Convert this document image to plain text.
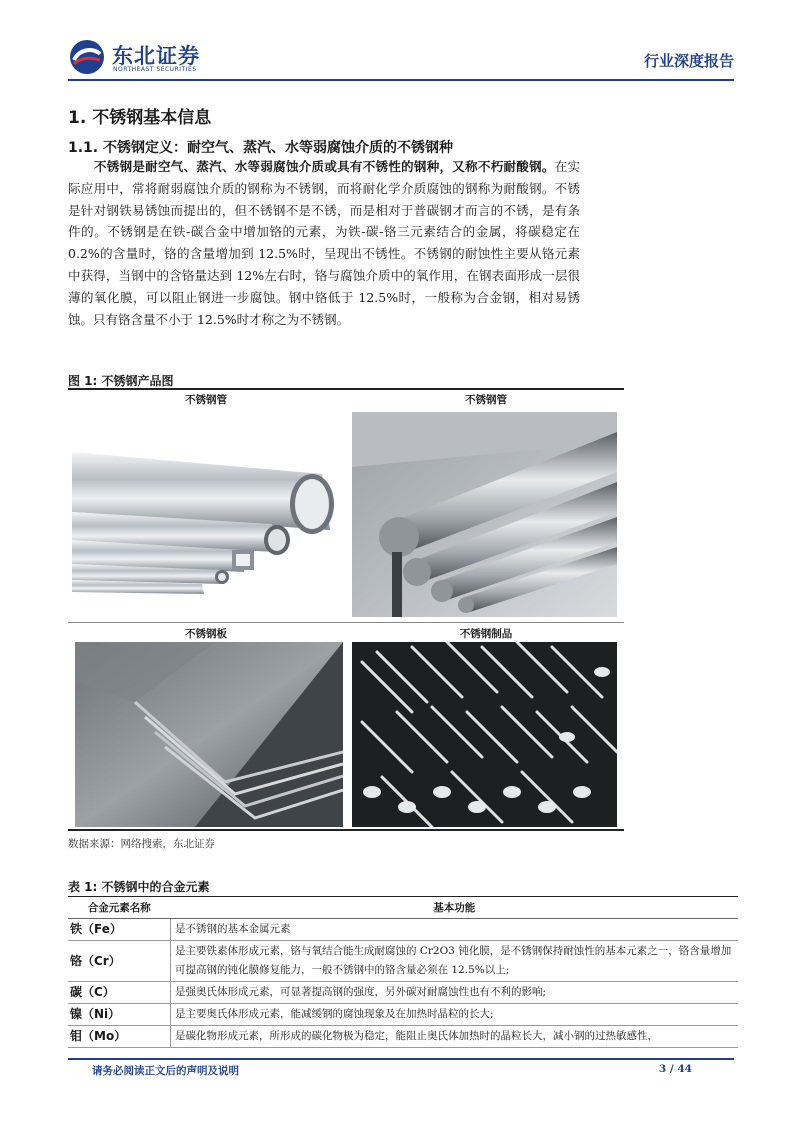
东北证券
NORTHEAST SECURITIES	行业深度报告
1. 不锈钢基本信息
1.1. 不锈钢定义：耐空气、蒸汽、水等弱腐蚀介质的不锈钢种
不锈钢是耐空气、蒸汽、水等弱腐蚀介质或具有不锈性的钢种，又称不朽耐酸钢。在实际应用中，常将耐弱腐蚀介质的钢称为不锈钢，而将耐化学介质腐蚀的钢称为耐酸钢。不锈是针对钢铁易锈蚀而提出的，但不锈钢不是不锈，而是相对于普碳钢才而言的不锈，是有条件的。不锈钢是在铁-碳合金中增加铬的元素，为铁-碳-铬三元素结合的金属，将碳稳定在 0.2%的含量时，铬的含量增加到 12.5%时，呈现出不锈性。不锈钢的耐蚀性主要从铬元素中获得，当钢中的含铬量达到 12%左右时，铬与腐蚀介质中的氧作用，在钢表面形成一层很薄的氧化膜，可以阻止钢进一步腐蚀。钢中铬低于 12.5%时，一般称为合金钢，相对易锈蚀。只有铬含量不小于 12.5%时才称之为不锈钢。
图 1: 不锈钢产品图
不锈钢管	不锈钢管
不锈钢板	不锈钢制品
数据来源：网络搜索，东北证券
表 1: 不锈钢中的合金元素
合金元素名称	基本功能
铁（Fe）	是不锈钢的基本金属元素
铬（Cr）	是主要铁素体形成元素，铬与氧结合能生成耐腐蚀的 Cr2O3 钝化膜，是不锈钢保持耐蚀性的基本元素之一，铬含量增加可提高钢的钝化膜修复能力，一般不锈钢中的铬含量必须在 12.5%以上;
碳（C）	是强奥氏体形成元素，可显著提高钢的强度，另外碳对耐腐蚀性也有不利的影响;
镍（Ni）	是主要奥氏体形成元素，能减缓钢的腐蚀现象及在加热时晶粒的长大;
钼（Mo）	是碳化物形成元素，所形成的碳化物极为稳定，能阻止奥氏体加热时的晶粒长大，减小钢的过热敏感性，
请务必阅读正文后的声明及说明	3 / 44
